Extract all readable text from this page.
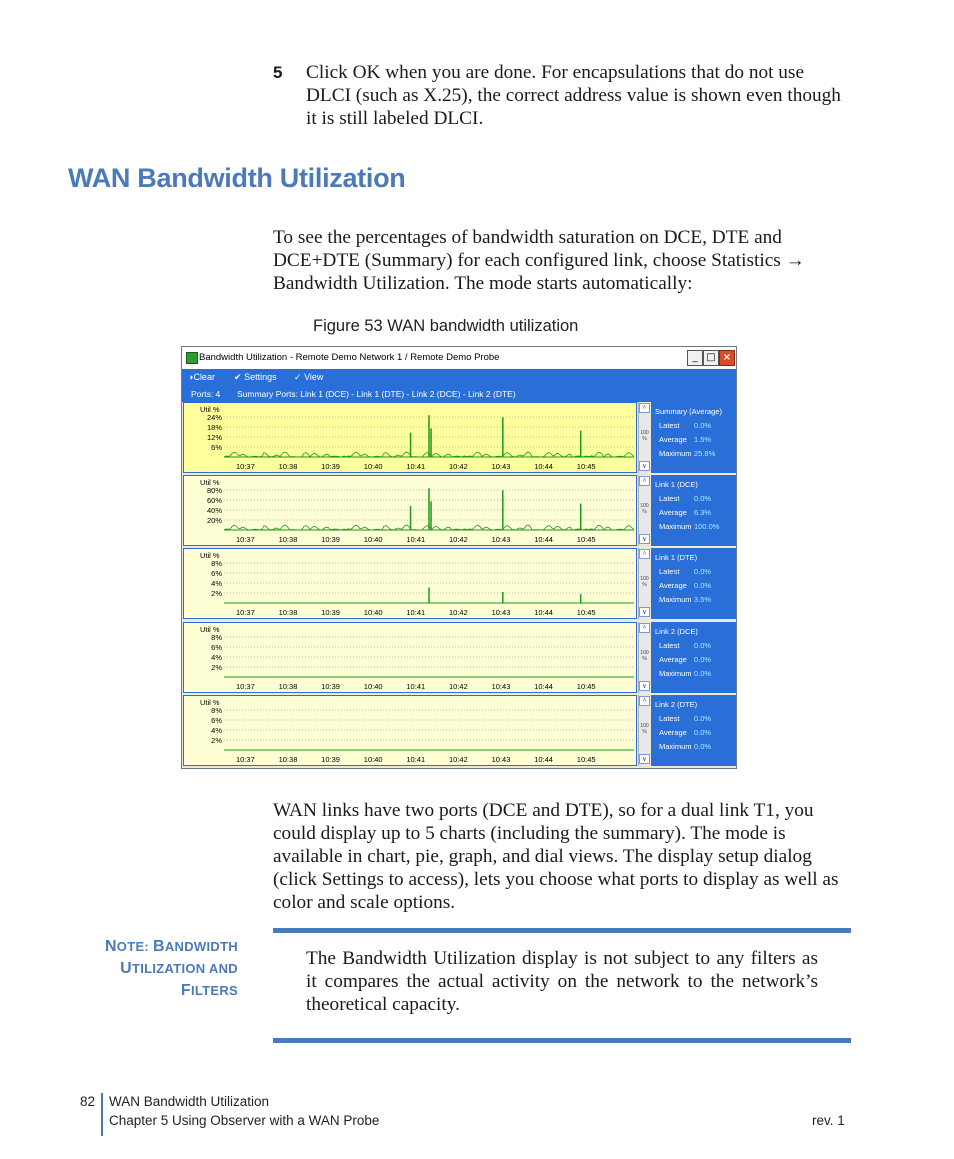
5 Click OK when you are done. For encapsulations that do not use DLCI (such as X.25), the correct address value is shown even though it is still labeled DLCI.
WAN Bandwidth Utilization
To see the percentages of bandwidth saturation on DCE, DTE and DCE+DTE (Summary) for each configured link, choose Statistics → Bandwidth Utilization. The mode starts automatically:
Figure 53 WAN bandwidth utilization
Bandwidth Utilization - Remote Demo Network 1 / Remote Demo Probe	_ □ ×
◑Clear ✔ Settings ✓ View
Ports: 4 Summary Ports: Link 1 (DCE) - Link 1 (DTE) - Link 2 (DCE) - Link 2 (DTE)
Util %
24%
18%
12%
6%
10:37	10:38	10:39	10:40	10:41	10:42	10:43	10:44	10:45
^
100 %
v
Summary (Average)
Latest 0.0%
Average 1.5%
Maximum 25.8%
Util %
80%
60%
40%
20%
10:37	10:38	10:39	10:40	10:41	10:42	10:43	10:44	10:45
^
100 %
v
Link 1 (DCE)
Latest 0.0%
Average 6.3%
Maximum 100.0%
Util %
8%
6%
4%
2%
10:37	10:38	10:39	10:40	10:41	10:42	10:43	10:44	10:45
^
100 %
v
Link 1 (DTE)
Latest 0.0%
Average 0.0%
Maximum 3.5%
Util %
8%
6%
4%
2%
10:37	10:38	10:39	10:40	10:41	10:42	10:43	10:44	10:45
^
100 %
v
Link 2 (DCE)
Latest 0.0%
Average 0.0%
Maximum 0.0%
Util %
8%
6%
4%
2%
10:37	10:38	10:39	10:40	10:41	10:42	10:43	10:44	10:45
^
100 %
v
Link 2 (DTE)
Latest 0.0%
Average 0.0%
Maximum 0.0%
WAN links have two ports (DCE and DTE), so for a dual link T1, you could display up to 5 charts (including the summary). The mode is available in chart, pie, graph, and dial views. The display setup dialog (click Settings to access), lets you choose what ports to display as well as color and scale options.
NOTE: BANDWIDTH
UTILIZATION AND
FILTERS
The Bandwidth Utilization display is not subject to any filters as it compares the actual activity on the network to the network’s theoretical capacity.
82 WAN Bandwidth Utilization
Chapter 5 Using Observer with a WAN Probe	rev. 1
